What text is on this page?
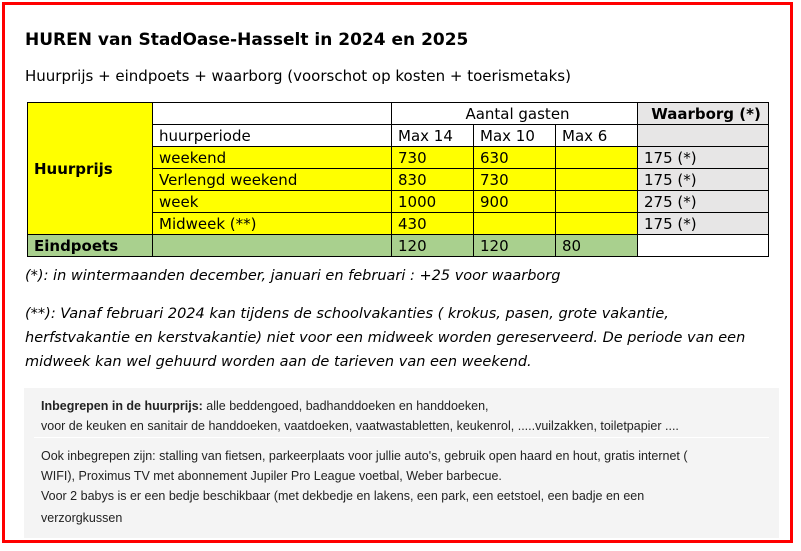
HUREN van StadOase-Hasselt in 2024 en 2025
Huurprijs + eindpoets + waarborg (voorschot op kosten + toerismetaks)
Huurprijs		Aantal gasten			Waarborg (*)
	huurperiode	Max 14	Max 10	Max 6	
	weekend	730	630		175 (*)
	Verlengd weekend	830	730		175 (*)
	week	1000	900		275 (*)
	Midweek (**)	430			175 (*)
Eindpoets		120	120	80	
(*): in wintermaanden december, januari en februari : +25 voor waarborg
(**): Vanaf februari 2024 kan tijdens de schoolvakanties ( krokus, pasen, grote vakantie,
herfstvakantie en kerstvakantie) niet voor een midweek worden gereserveerd. De periode van een
midweek kan wel gehuurd worden aan de tarieven van een weekend.
Inbegrepen in de huurprijs: alle beddengoed, badhanddoeken en handdoeken,
voor de keuken en sanitair de handdoeken, vaatdoeken, vaatwastabletten, keukenrol, .....vuilzakken, toiletpapier ....
Ook inbegrepen zijn: stalling van fietsen, parkeerplaats voor jullie auto's, gebruik open haard en hout, gratis internet (
WIFI), Proximus TV met abonnement Jupiler Pro League voetbal, Weber barbecue.
Voor 2 babys is er een bedje beschikbaar (met dekbedje en lakens, een park, een eetstoel, een badje en een
verzorgkussen
